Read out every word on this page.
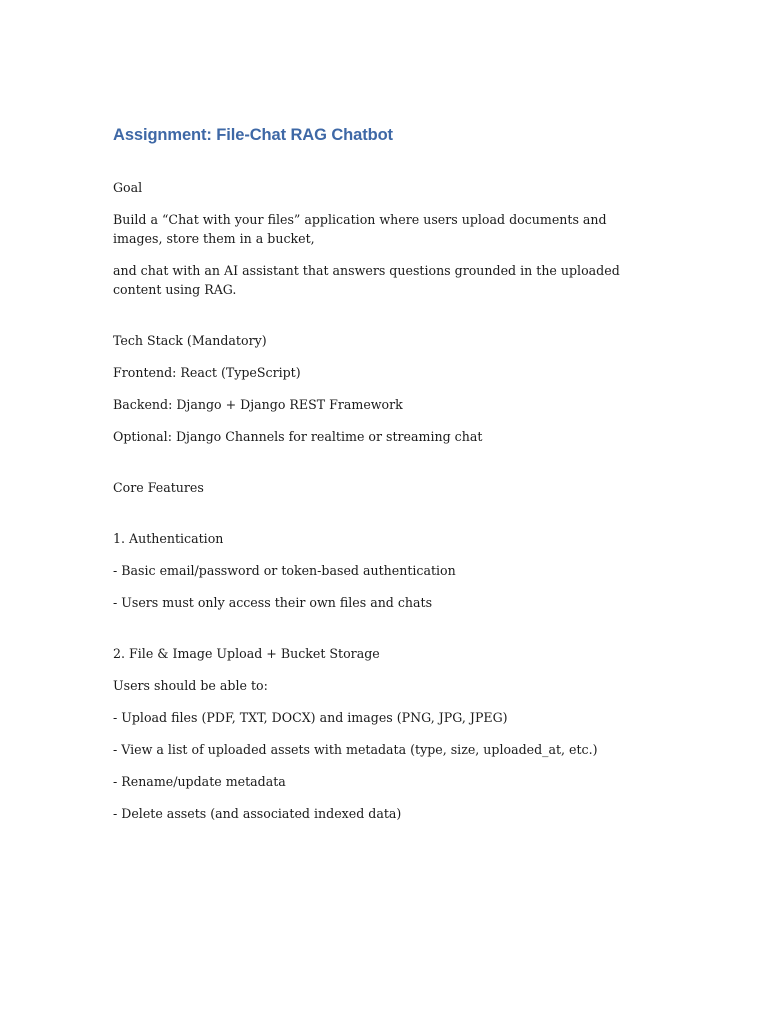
Assignment: File-Chat RAG Chatbot

Goal

Build a “Chat with your files” application where users upload documents and images, store them in a bucket,

and chat with an AI assistant that answers questions grounded in the uploaded content using RAG.

Tech Stack (Mandatory)

Frontend: React (TypeScript)

Backend: Django + Django REST Framework

Optional: Django Channels for realtime or streaming chat

Core Features

1. Authentication

- Basic email/password or token-based authentication

- Users must only access their own files and chats

2. File & Image Upload + Bucket Storage

Users should be able to:

- Upload files (PDF, TXT, DOCX) and images (PNG, JPG, JPEG)

- View a list of uploaded assets with metadata (type, size, uploaded_at, etc.)

- Rename/update metadata

- Delete assets (and associated indexed data)
